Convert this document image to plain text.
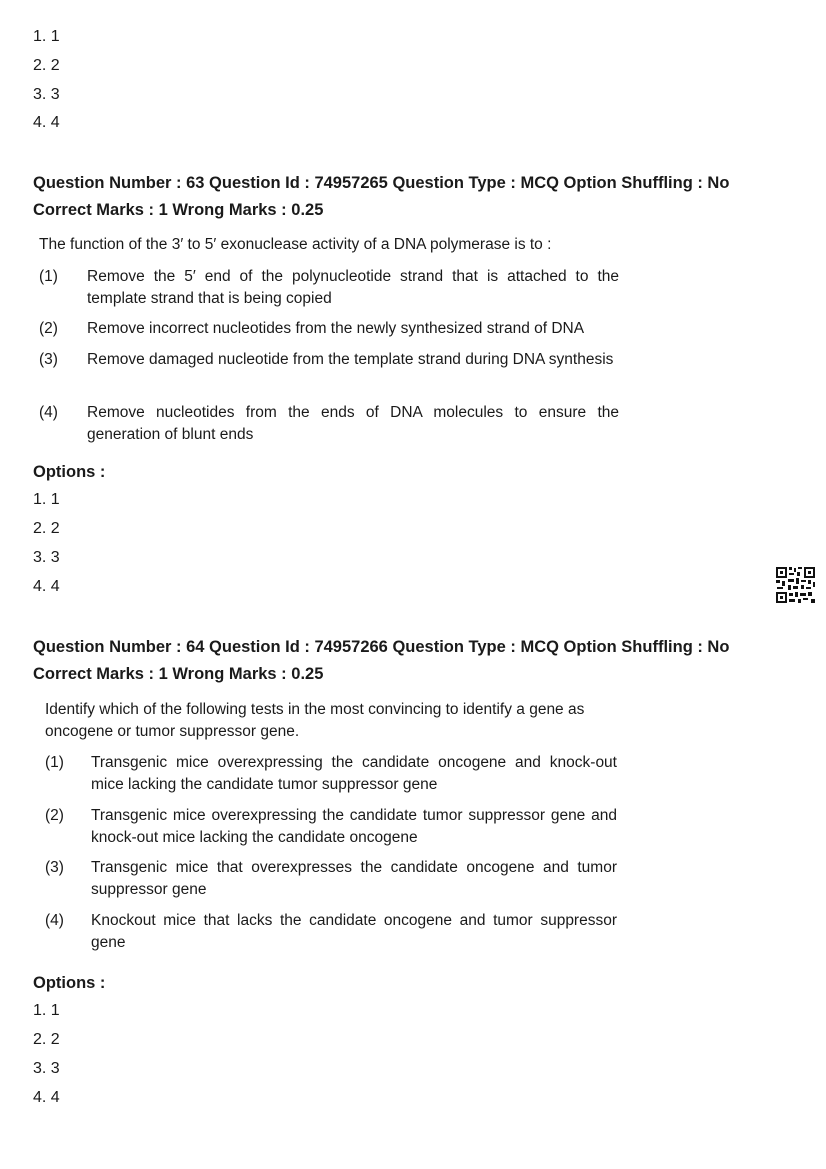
1. 1
2. 2
3. 3
4. 4
Question Number : 63 Question Id : 74957265 Question Type : MCQ Option Shuffling : No
Correct Marks : 1 Wrong Marks : 0.25
The function of the 3′ to 5′ exonuclease activity of a DNA polymerase is to :
(1) Remove the 5′ end of the polynucleotide strand that is attached to the template strand that is being copied
(2) Remove incorrect nucleotides from the newly synthesized strand of DNA
(3) Remove damaged nucleotide from the template strand during DNA synthesis
(4) Remove nucleotides from the ends of DNA molecules to ensure the generation of blunt ends
Options :
1. 1
2. 2
3. 3
4. 4
Question Number : 64 Question Id : 74957266 Question Type : MCQ Option Shuffling : No
Correct Marks : 1 Wrong Marks : 0.25
Identify which of the following tests in the most convincing to identify a gene as oncogene or tumor suppressor gene.
(1) Transgenic mice overexpressing the candidate oncogene and knock-out mice lacking the candidate tumor suppressor gene
(2) Transgenic mice overexpressing the candidate tumor suppressor gene and knock-out mice lacking the candidate oncogene
(3) Transgenic mice that overexpresses the candidate oncogene and tumor suppressor gene
(4) Knockout mice that lacks the candidate oncogene and tumor suppressor gene
Options :
1. 1
2. 2
3. 3
4. 4
